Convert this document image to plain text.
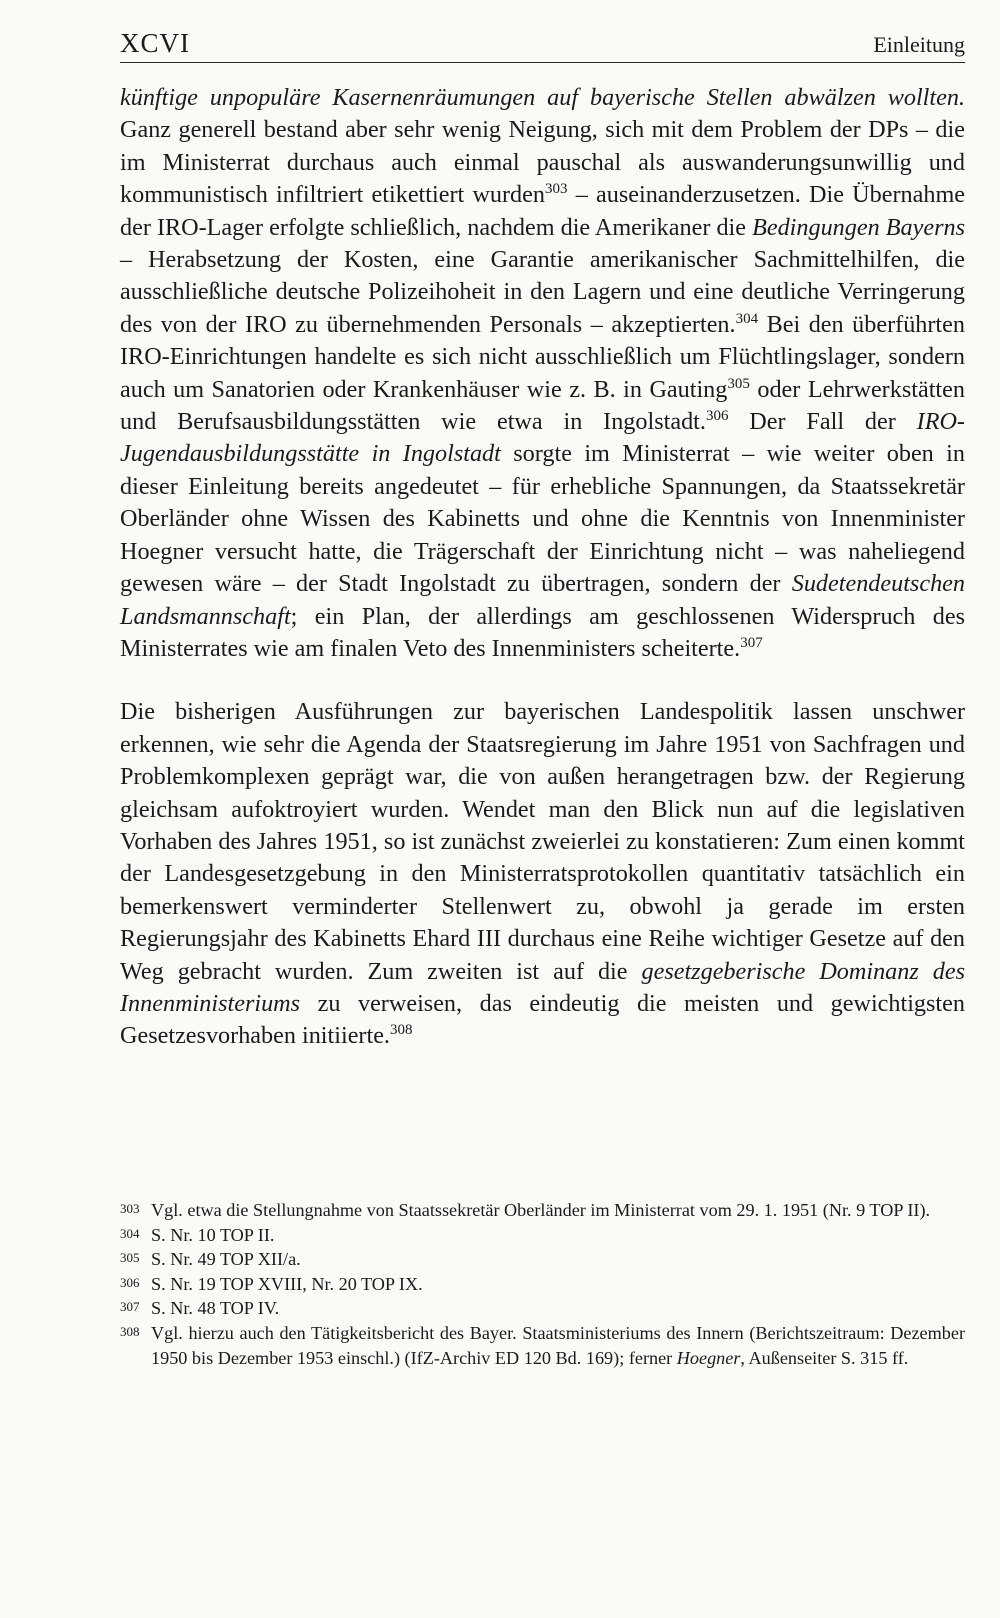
XCVI	Einleitung

künftige unpopuläre Kasernenräumungen auf bayerische Stellen abwälzen wollten. Ganz generell bestand aber sehr wenig Neigung, sich mit dem Problem der DPs – die im Ministerrat durchaus auch einmal pauschal als auswanderungsunwillig und kommunistisch infiltriert etikettiert wurden$^{303}$ – auseinanderzusetzen. Die Übernahme der IRO-Lager erfolgte schließlich, nachdem die Amerikaner die Bedingungen Bayerns – Herabsetzung der Kosten, eine Garantie amerikanischer Sachmittelhilfen, die ausschließliche deutsche Polizeihoheit in den Lagern und eine deutliche Verringerung des von der IRO zu übernehmenden Personals – akzeptierten.$^{304}$ Bei den überführten IRO-Einrichtungen handelte es sich nicht ausschließlich um Flüchtlingslager, sondern auch um Sanatorien oder Krankenhäuser wie z. B. in Gauting$^{305}$ oder Lehrwerkstätten und Berufsausbildungsstätten wie etwa in Ingolstadt.$^{306}$ Der Fall der IRO-Jugendausbildungsstätte in Ingolstadt sorgte im Ministerrat – wie weiter oben in dieser Einleitung bereits angedeutet – für erhebliche Spannungen, da Staatssekretär Oberländer ohne Wissen des Kabinetts und ohne die Kenntnis von Innenminister Hoegner versucht hatte, die Trägerschaft der Einrichtung nicht – was naheliegend gewesen wäre – der Stadt Ingolstadt zu übertragen, sondern der Sudetendeutschen Landsmannschaft; ein Plan, der allerdings am geschlossenen Widerspruch des Ministerrates wie am finalen Veto des Innenministers scheiterte.$^{307}$

Die bisherigen Ausführungen zur bayerischen Landespolitik lassen unschwer erkennen, wie sehr die Agenda der Staatsregierung im Jahre 1951 von Sachfragen und Problemkomplexen geprägt war, die von außen herangetragen bzw. der Regierung gleichsam aufoktroyiert wurden. Wendet man den Blick nun auf die legislativen Vorhaben des Jahres 1951, so ist zunächst zweierlei zu konstatieren: Zum einen kommt der Landesgesetzgebung in den Ministerratsprotokollen quantitativ tatsächlich ein bemerkenswert verminderter Stellenwert zu, obwohl ja gerade im ersten Regierungsjahr des Kabinetts Ehard III durchaus eine Reihe wichtiger Gesetze auf den Weg gebracht wurden. Zum zweiten ist auf die gesetzgeberische Dominanz des Innenministeriums zu verweisen, das eindeutig die meisten und gewichtigsten Gesetzesvorhaben initiierte.$^{308}$

303 Vgl. etwa die Stellungnahme von Staatssekretär Oberländer im Ministerrat vom 29. 1. 1951 (Nr. 9 TOP II).
304 S. Nr. 10 TOP II.
305 S. Nr. 49 TOP XII/a.
306 S. Nr. 19 TOP XVIII, Nr. 20 TOP IX.
307 S. Nr. 48 TOP IV.
308 Vgl. hierzu auch den Tätigkeitsbericht des Bayer. Staatsministeriums des Innern (Berichtszeitraum: Dezember 1950 bis Dezember 1953 einschl.) (IfZ-Archiv ED 120 Bd. 169); ferner Hoegner, Außenseiter S. 315 ff.
